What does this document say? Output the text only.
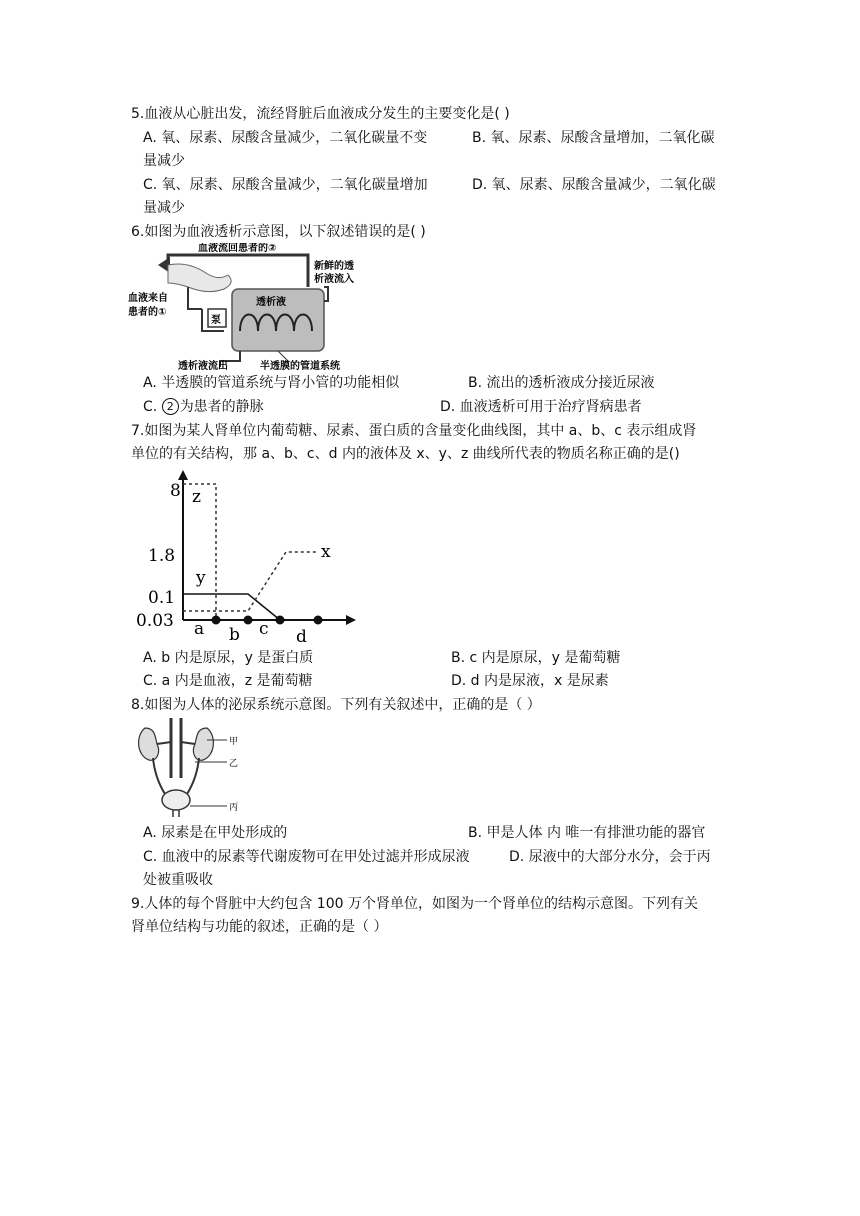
5.血液从心脏出发，流经肾脏后血液成分发生的主要变化是( )
A. 氧、尿素、尿酸含量减少，二氧化碳量不变	B. 氧、尿素、尿酸含量增加，二氧化碳
量减少
C. 氧、尿素、尿酸含量减少，二氧化碳量增加	D. 氧、尿素、尿酸含量减少，二氧化碳
量减少
6.如图为血液透析示意图，以下叙述错误的是( )
血液流回患者的②
新鲜的透
析液流入
血液来自
患者的①
泵
透析液
透析液流出	半透膜的管道系统
A. 半透膜的管道系统与肾小管的功能相似	B. 流出的透析液成分接近尿液
C. 2 为患者的静脉	D. 血液透析可用于治疗肾病患者
7.如图为某人肾单位内葡萄糖、尿素、蛋白质的含量变化曲线图，其中 a、b、c 表示组成肾
单位的有关结构，那 a、b、c、d 内的液体及 x、y、z 曲线所代表的物质名称正确的是()
8
1.8
0.1
0.03
z
y
x
a b c d
A. b 内是原尿，y 是蛋白质	B. c 内是原尿，y 是葡萄糖
C. a 内是血液，z 是葡萄糖	D. d 内是尿液，x 是尿素
8.如图为人体的泌尿系统示意图。下列有关叙述中，正确的是（ ）
甲
乙
丙
A. 尿素是在甲处形成的	B. 甲是人体 内 唯一有排泄功能的器官
C. 血液中的尿素等代谢废物可在甲处过滤并形成尿液	D. 尿液中的大部分水分，会于丙
处被重吸收
9.人体的每个肾脏中大约包含 100 万个肾单位，如图为一个肾单位的结构示意图。下列有关
肾单位结构与功能的叙述，正确的是（ ）
